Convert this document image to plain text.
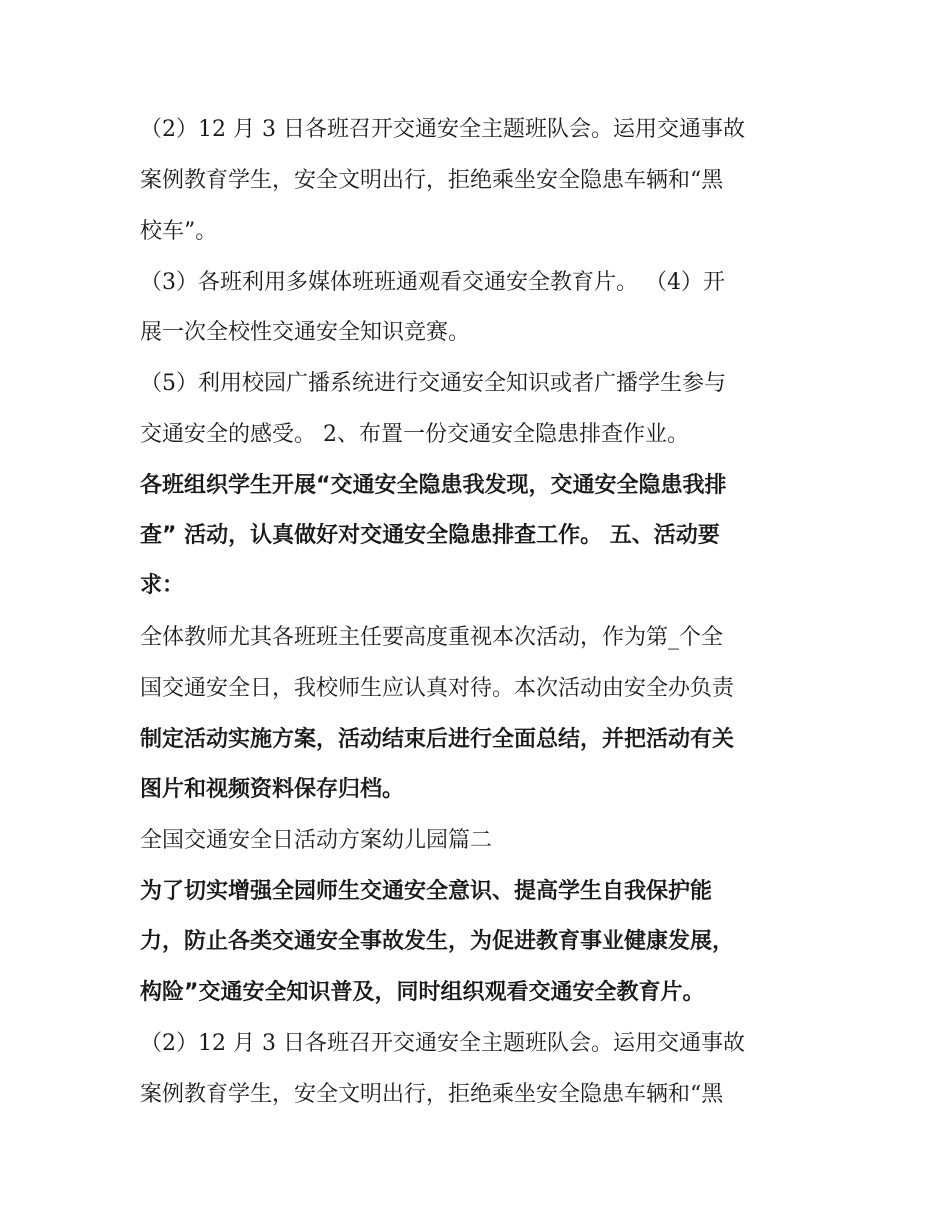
（2）12 月 3 日各班召开交通安全主题班队会。运用交通事故
案例教育学生，安全文明出行，拒绝乘坐安全隐患车辆和“黑
校车”。
（3）各班利用多媒体班班通观看交通安全教育片。 （4）开
展一次全校性交通安全知识竞赛。
（5）利用校园广播系统进行交通安全知识或者广播学生参与
交通安全的感受。 2、布置一份交通安全隐患排查作业。
各班组织学生开展“交通安全隐患我发现，交通安全隐患我排
查” 活动，认真做好对交通安全隐患排查工作。 五、活动要
求：
全体教师尤其各班班主任要高度重视本次活动，作为第_个全
国交通安全日，我校师生应认真对待。本次活动由安全办负责
制定活动实施方案，活动结束后进行全面总结，并把活动有关
图片和视频资料保存归档。
全国交通安全日活动方案幼儿园篇二
为了切实增强全园师生交通安全意识、提高学生自我保护能
力，防止各类交通安全事故发生，为促进教育事业健康发展，
构险”交通安全知识普及，同时组织观看交通安全教育片。
（2）12 月 3 日各班召开交通安全主题班队会。运用交通事故
案例教育学生，安全文明出行，拒绝乘坐安全隐患车辆和“黑
